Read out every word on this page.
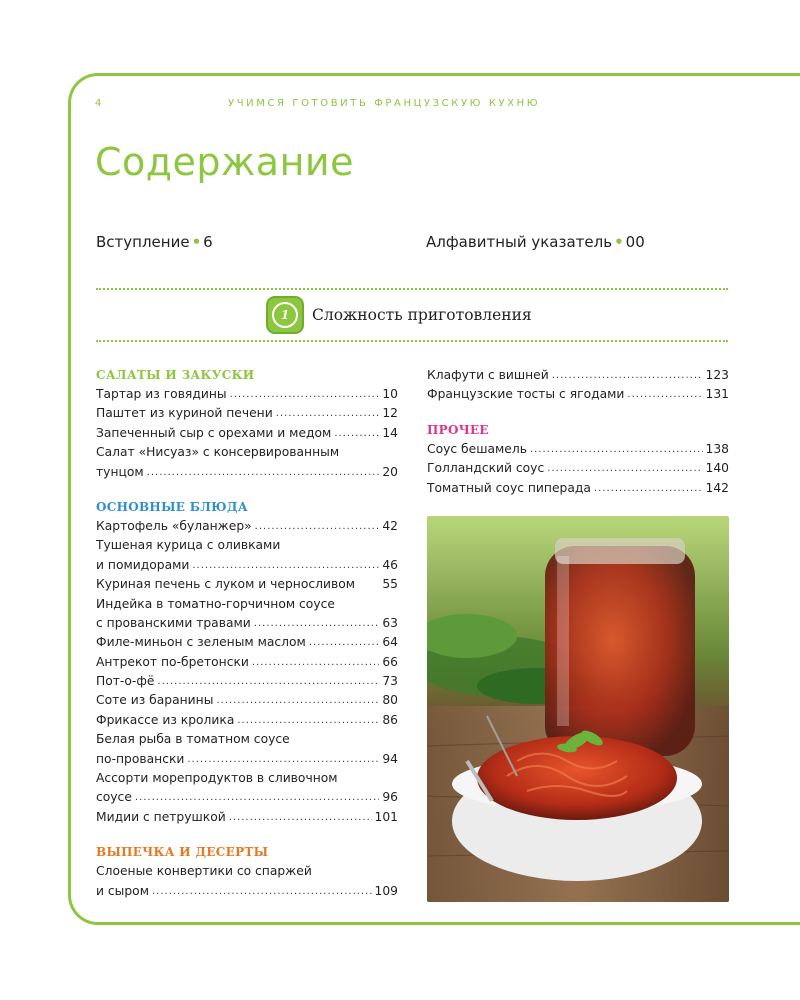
4	УЧИМСЯ ГОТОВИТЬ ФРАНЦУЗСКУЮ КУХНЮ
Содержание
Вступление • 6	Алфавитный указатель • 00
1 Сложность приготовления
САЛАТЫ И ЗАКУСКИ
Тартар из говядины .....	10
Паштет из куриной печени .....	12
Запеченный сыр с орехами и медом .....	14
Салат «Нисуаз» с консервированным
тунцом .....	20
ОСНОВНЫЕ БЛЮДА
Картофель «буланжер» .....	42
Тушеная курица с оливками
и помидорами .....	46
Куриная печень с луком и черносливом 55
Индейка в томатно-горчичном соусе
с прованскими травами .....	63
Филе-миньон с зеленым маслом .....	64
Антрекот по-бретонски .....	66
Пот-о-фё .....	73
Соте из баранины .....	80
Фрикассе из кролика .....	86
Белая рыба в томатном соусе
по-провански .....	94
Ассорти морепродуктов в сливочном
соусе .....	96
Мидии с петрушкой .....	101
ВЫПЕЧКА И ДЕСЕРТЫ
Слоеные конвертики со спаржей
и сыром .....	109
Клафути с вишней .....	123
Французские тосты с ягодами .....	131
ПРОЧЕЕ
Соус бешамель .....	138
Голландский соус .....	140
Томатный соус пиперада .....	142
